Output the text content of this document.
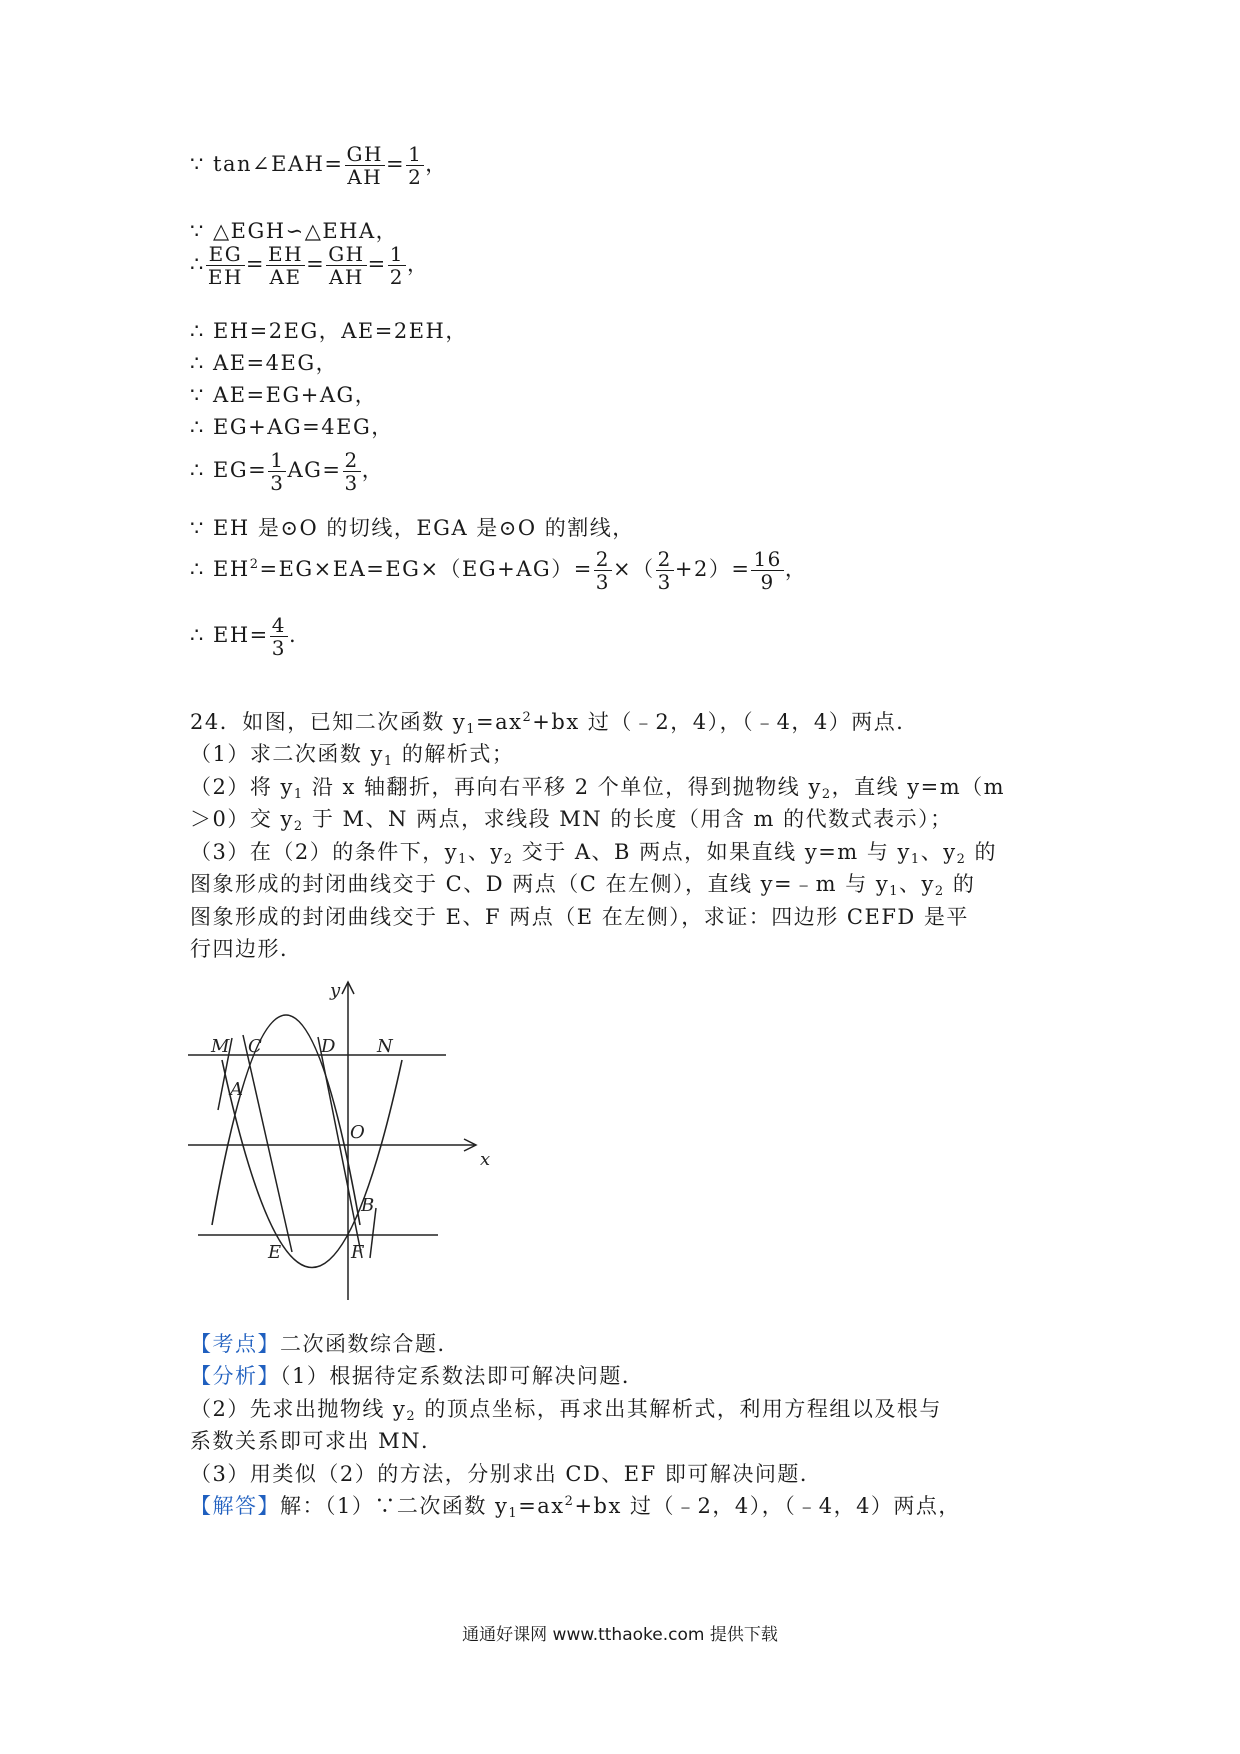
∵ tan∠EAH= $\frac{GH}{AH} = \frac{1}{2}$ ，
∵ △EGH∽△EHA，
∴ $\frac{EG}{EH} = \frac{EH}{AE} = \frac{GH}{AH} = \frac{1}{2}$ ，
∴ EH=2EG，AE=2EH，
∴ AE=4EG，
∵ AE=EG+AG，
∴ EG+AG=4EG，
∴ $EG= \frac{1}{3} AG= \frac{2}{3}$ ，
∵ EH 是⊙O 的切线，EGA 是⊙O 的割线，
∴ $EH^2=EG\times EA=EG\times(EG+AG)= \frac{2}{3}$ ×（ $\frac{2}{3} +2)= \frac{16}{9}$ ，
∴ $EH= \frac{4}{3}$ .
24．如图，已知二次函数 $y_1=ax^2+bx$ 过（﹣2，4），（﹣4，4）两点．
（1）求二次函数 $y_1$ 的解析式；
（2）将 $y_1$ 沿 x 轴翻折，再向右平移 2 个单位，得到抛物线 $y_2$，直线 y=m（m
＞0）交 $y_2$ 于 M、N 两点，求线段 MN 的长度（用含 m 的代数式表示）；
（3）在（2）的条件下，$y_1$、$y_2$ 交于 A、B 两点，如果直线 y=m 与 $y_1$、$y_2$ 的
图象形成的封闭曲线交于 C、D 两点（C 在左侧），直线 y=﹣m 与 $y_1$、$y_2$ 的
图象形成的封闭曲线交于 E、F 两点（E 在左侧），求证：四边形 CEFD 是平
行四边形．
y
x
M C	D N
A
O
B
E	F
【考点】二次函数综合题．
【分析】（1）根据待定系数法即可解决问题．
（2）先求出抛物线 $y_2$ 的顶点坐标，再求出其解析式，利用方程组以及根与
系数关系即可求出 MN．
（3）用类似（2）的方法，分别求出 CD、EF 即可解决问题．
【解答】解：（1）∵二次函数 $y_1=ax^2+bx$ 过（﹣2，4），（﹣4，4）两点，
通通好课网 www.tthaoke.com 提供下载
